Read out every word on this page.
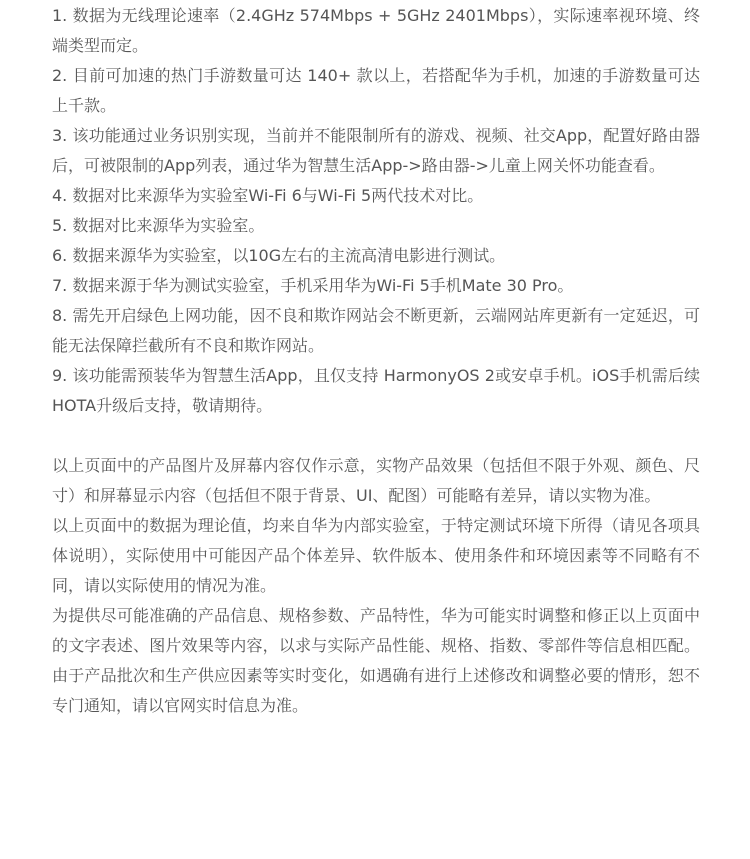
1. 数据为无线理论速率（2.4GHz 574Mbps + 5GHz 2401Mbps），实际速率视环境、终端类型而定。

2. 目前可加速的热门手游数量可达 140+ 款以上，若搭配华为手机，加速的手游数量可达上千款。

3. 该功能通过业务识别实现，当前并不能限制所有的游戏、视频、社交App，配置好路由器后，可被限制的App列表，通过华为智慧生活App->路由器->儿童上网关怀功能查看。

4. 数据对比来源华为实验室Wi-Fi 6与Wi-Fi 5两代技术对比。

5. 数据对比来源华为实验室。

6. 数据来源华为实验室，以10G左右的主流高清电影进行测试。

7. 数据来源于华为测试实验室，手机采用华为Wi-Fi 5手机Mate 30 Pro。

8. 需先开启绿色上网功能，因不良和欺诈网站会不断更新，云端网站库更新有一定延迟，可能无法保障拦截所有不良和欺诈网站。

9. 该功能需预装华为智慧生活App，且仅支持 HarmonyOS 2或安卓手机。iOS手机需后续HOTA升级后支持，敬请期待。

以上页面中的产品图片及屏幕内容仅作示意，实物产品效果（包括但不限于外观、颜色、尺寸）和屏幕显示内容（包括但不限于背景、UI、配图）可能略有差异，请以实物为准。

以上页面中的数据为理论值，均来自华为内部实验室，于特定测试环境下所得（请见各项具体说明），实际使用中可能因产品个体差异、软件版本、使用条件和环境因素等不同略有不同，请以实际使用的情况为准。

为提供尽可能准确的产品信息、规格参数、产品特性，华为可能实时调整和修正以上页面中的文字表述、图片效果等内容，以求与实际产品性能、规格、指数、零部件等信息相匹配。由于产品批次和生产供应因素等实时变化，如遇确有进行上述修改和调整必要的情形，恕不专门通知，请以官网实时信息为准。
